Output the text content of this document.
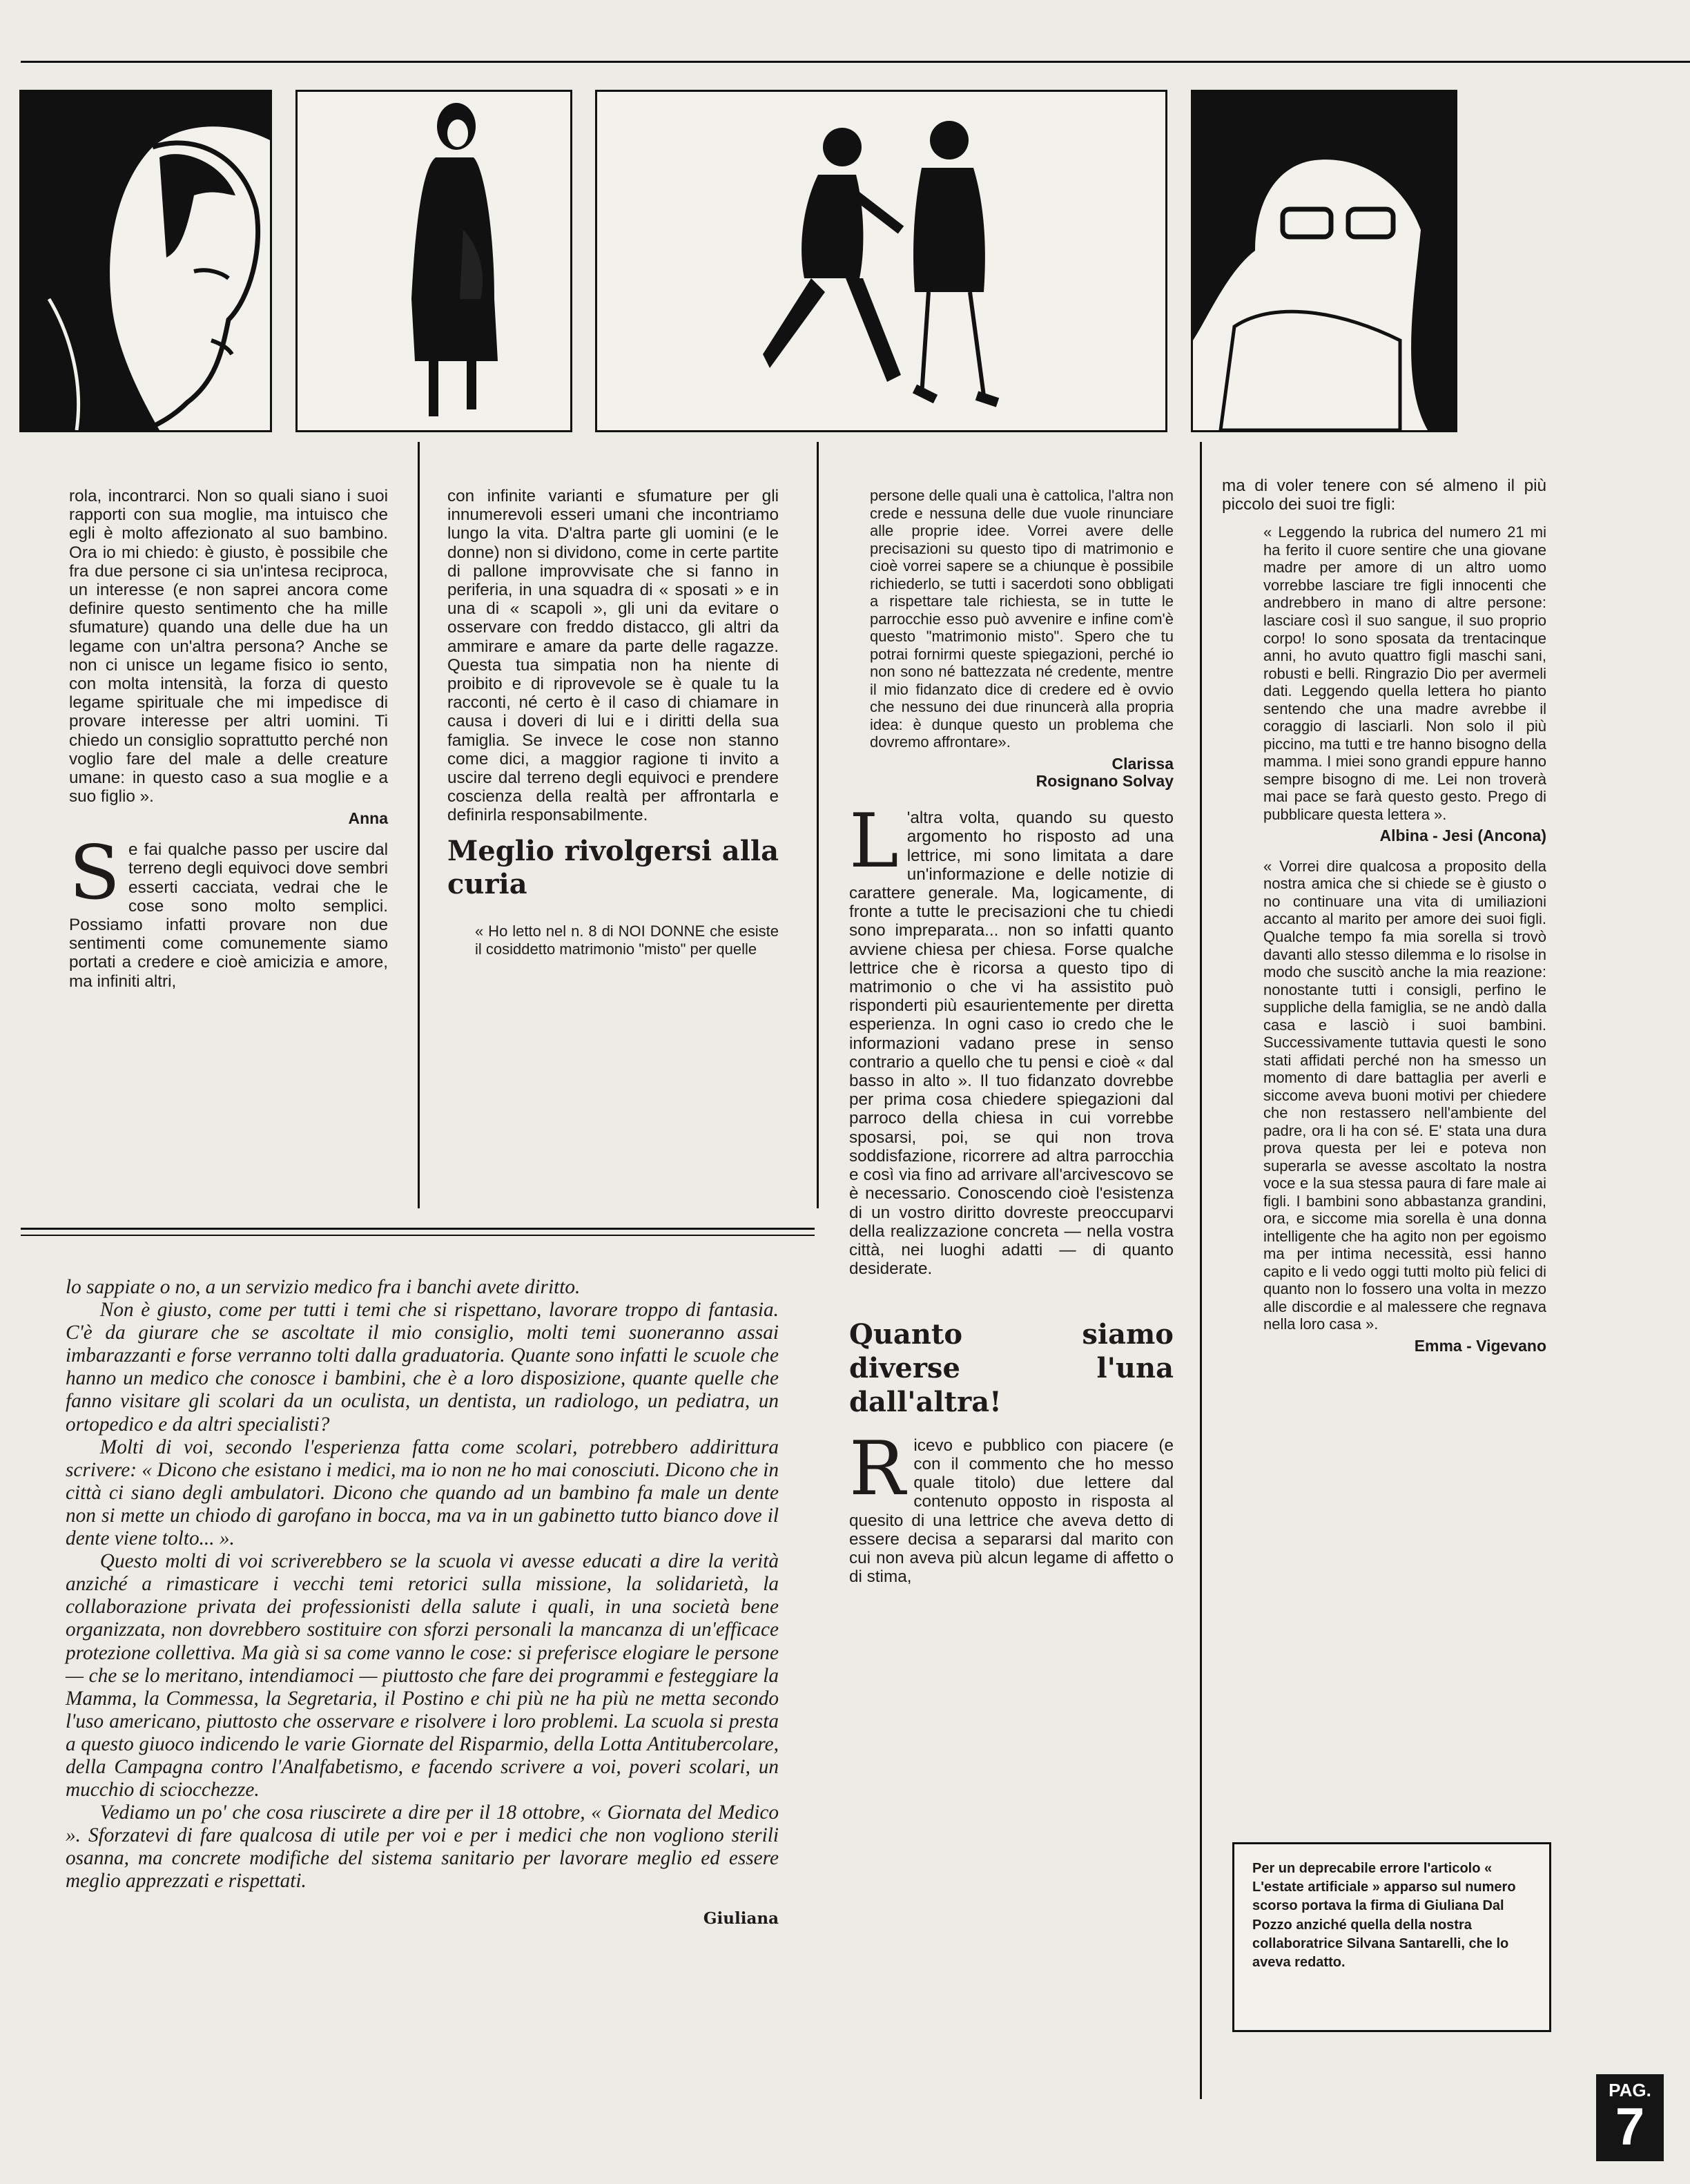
rola, incontrarci. Non so quali siano i suoi rapporti con sua moglie, ma intuisco che egli è molto affezionato al suo bambino. Ora io mi chiedo: è giusto, è possibile che fra due persone ci sia un'intesa reciproca, un interesse (e non saprei ancora come definire questo sentimento che ha mille sfumature) quando una delle due ha un legame con un'altra persona? Anche se non ci unisce un legame fisico io sento, con molta intensità, la forza di questo legame spirituale che mi impedisce di provare interesse per altri uomini. Ti chiedo un consiglio soprattutto perché non voglio fare del male a delle creature umane: in questo caso a sua moglie e a suo figlio ».

Anna
S e fai qualche passo per uscire dal terreno degli equivoci dove sembri esserti cacciata, vedrai che le cose sono molto semplici. Possiamo infatti provare non due sentimenti come comunemente siamo portati a credere e cioè amicizia e amore, ma infiniti altri,

con infinite varianti e sfumature per gli innumerevoli esseri umani che incontriamo lungo la vita. D'altra parte gli uomini (e le donne) non si dividono, come in certe partite di pallone improvvisate che si fanno in periferia, in una squadra di « sposati » e in una di « scapoli », gli uni da evitare o osservare con freddo distacco, gli altri da ammirare e amare da parte delle ragazze. Questa tua simpatia non ha niente di proibito e di riprovevole se è quale tu la racconti, né certo è il caso di chiamare in causa i doveri di lui e i diritti della sua famiglia. Se invece le cose non stanno come dici, a maggior ragione ti invito a uscire dal terreno degli equivoci e prendere coscienza della realtà per affrontarla e definirla responsabilmente.

Meglio rivolgersi alla curia
« Ho letto nel n. 8 di NOI DONNE che esiste il cosiddetto matrimonio "misto" per quelle
persone delle quali una è cattolica, l'altra non crede e nessuna delle due vuole rinunciare alle proprie idee. Vorrei avere delle precisazioni su questo tipo di matrimonio e cioè vorrei sapere se a chiunque è possibile richiederlo, se tutti i sacerdoti sono obbligati a rispettare tale richiesta, se in tutte le parrocchie esso può avvenire e infine com'è questo "matrimonio misto". Spero che tu potrai fornirmi queste spiegazioni, perché io non sono né battezzata né credente, mentre il mio fidanzato dice di credere ed è ovvio che nessuno dei due rinuncerà alla propria idea: è dunque questo un problema che dovremo affrontare».
Clarissa
Rosignano Solvay
L 'altra volta, quando su questo argomento ho risposto ad una lettrice, mi sono limitata a dare un'informazione e delle notizie di carattere generale. Ma, logicamente, di fronte a tutte le precisazioni che tu chiedi sono impreparata... non so infatti quanto avviene chiesa per chiesa. Forse qualche lettrice che è ricorsa a questo tipo di matrimonio o che vi ha assistito può risponderti più esaurientemente per diretta esperienza. In ogni caso io credo che le informazioni vadano prese in senso contrario a quello che tu pensi e cioè « dal basso in alto ». Il tuo fidanzato dovrebbe per prima cosa chiedere spiegazioni dal parroco della chiesa in cui vorrebbe sposarsi, poi, se qui non trova soddisfazione, ricorrere ad altra parrocchia e così via fino ad arrivare all'arcivescovo se è necessario. Conoscendo cioè l'esistenza di un vostro diritto dovreste preoccuparvi della realizzazione concreta — nella vostra città, nei luoghi adatti — di quanto desiderate.
Quanto siamo diverse l'una dall'altra!
R icevo e pubblico con piacere (e con il commento che ho messo quale titolo) due lettere dal contenuto opposto in risposta al quesito di una lettrice che aveva detto di essere decisa a separarsi dal marito con cui non aveva più alcun legame di affetto o di stima,

ma di voler tenere con sé almeno il più piccolo dei suoi tre figli:

« Leggendo la rubrica del numero 21 mi ha ferito il cuore sentire che una giovane madre per amore di un altro uomo vorrebbe lasciare tre figli innocenti che andrebbero in mano di altre persone: lasciare così il suo sangue, il suo proprio corpo! Io sono sposata da trentacinque anni, ho avuto quattro figli maschi sani, robusti e belli. Ringrazio Dio per avermeli dati. Leggendo quella lettera ho pianto sentendo che una madre avrebbe il coraggio di lasciarli. Non solo il più piccino, ma tutti e tre hanno bisogno della mamma. I miei sono grandi eppure hanno sempre bisogno di me. Lei non troverà mai pace se farà questo gesto. Prego di pubblicare questa lettera ».
Albina - Jesi (Ancona)
« Vorrei dire qualcosa a proposito della nostra amica che si chiede se è giusto o no continuare una vita di umiliazioni accanto al marito per amore dei suoi figli. Qualche tempo fa mia sorella si trovò davanti allo stesso dilemma e lo risolse in modo che suscitò anche la mia reazione: nonostante tutti i consigli, perfino le suppliche della famiglia, se ne andò dalla casa e lasciò i suoi bambini. Successivamente tuttavia questi le sono stati affidati perché non ha smesso un momento di dare battaglia per averli e siccome aveva buoni motivi per chiedere che non restassero nell'ambiente del padre, ora li ha con sé. E' stata una dura prova questa per lei e poteva non superarla se avesse ascoltato la nostra voce e la sua stessa paura di fare male ai figli. I bambini sono abbastanza grandini, ora, e siccome mia sorella è una donna intelligente che ha agito non per egoismo ma per intima necessità, essi hanno capito e li vedo oggi tutti molto più felici di quanto non lo fossero una volta in mezzo alle discordie e al malessere che regnava nella loro casa ».
Emma - Vigevano

lo sappiate o no, a un servizio medico fra i banchi avete diritto.

Non è giusto, come per tutti i temi che si rispettano, lavorare troppo di fantasia. C'è da giurare che se ascoltate il mio consiglio, molti temi suoneranno assai imbarazzanti e forse verranno tolti dalla graduatoria. Quante sono infatti le scuole che hanno un medico che conosce i bambini, che è a loro disposizione, quante quelle che fanno visitare gli scolari da un oculista, un dentista, un radiologo, un pediatra, un ortopedico e da altri specialisti?

Molti di voi, secondo l'esperienza fatta come scolari, potrebbero addirittura scrivere: « Dicono che esistano i medici, ma io non ne ho mai conosciuti. Dicono che in città ci siano degli ambulatori. Dicono che quando ad un bambino fa male un dente non si mette un chiodo di garofano in bocca, ma va in un gabinetto tutto bianco dove il dente viene tolto... ».

Questo molti di voi scriverebbero se la scuola vi avesse educati a dire la verità anziché a rimasticare i vecchi temi retorici sulla missione, la solidarietà, la collaborazione privata dei professionisti della salute i quali, in una società bene organizzata, non dovrebbero sostituire con sforzi personali la mancanza di un'efficace protezione collettiva. Ma già si sa come vanno le cose: si preferisce elogiare le persone — che se lo meritano, intendiamoci — piuttosto che fare dei programmi e festeggiare la Mamma, la Commessa, la Segretaria, il Postino e chi più ne ha più ne metta secondo l'uso americano, piuttosto che osservare e risolvere i loro problemi. La scuola si presta a questo giuoco indicendo le varie Giornate del Risparmio, della Lotta Antitubercolare, della Campagna contro l'Analfabetismo, e facendo scrivere a voi, poveri scolari, un mucchio di sciocchezze.

Vediamo un po' che cosa riuscirete a dire per il 18 ottobre, « Giornata del Medico ». Sforzatevi di fare qualcosa di utile per voi e per i medici che non vogliono sterili osanna, ma concrete modifiche del sistema sanitario per lavorare meglio ed essere meglio apprezzati e rispettati.

Giuliana
Per un deprecabile errore l'articolo « L'estate artificiale » apparso sul numero scorso portava la firma di Giuliana Dal Pozzo anziché quella della nostra collaboratrice Silvana Santarelli, che lo aveva redatto.
PAG.
7
